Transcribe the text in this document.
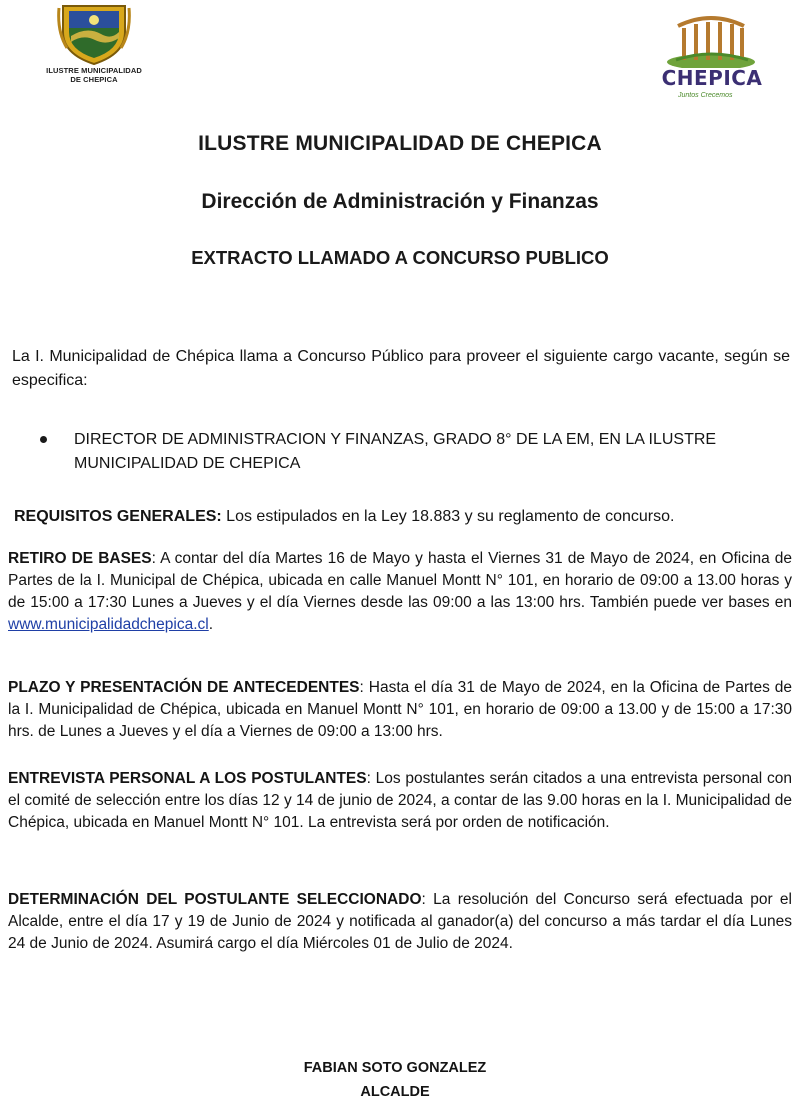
ILUSTRE MUNICIPALIDAD
DE CHEPICA	CHEPICA
Juntos Crecemos
ILUSTRE MUNICIPALIDAD DE CHEPICA
Dirección de Administración y Finanzas
EXTRACTO LLAMADO A CONCURSO PUBLICO
La I. Municipalidad de Chépica llama a Concurso Público para proveer el siguiente cargo vacante, según se especifica:
DIRECTOR DE ADMINISTRACION Y FINANZAS, GRADO 8° DE LA EM, EN LA ILUSTRE MUNICIPALIDAD DE CHEPICA
REQUISITOS GENERALES: Los estipulados en la Ley 18.883 y su reglamento de concurso.
RETIRO DE BASES: A contar del día Martes 16 de Mayo y hasta el Viernes 31 de Mayo de 2024, en Oficina de Partes de la I. Municipal de Chépica, ubicada en calle Manuel Montt N° 101, en horario de 09:00 a 13.00 horas y de 15:00 a 17:30 Lunes a Jueves y el día Viernes desde las 09:00 a las 13:00 hrs. También puede ver bases en www.municipalidadchepica.cl.
PLAZO Y PRESENTACIÓN DE ANTECEDENTES: Hasta el día 31 de Mayo de 2024, en la Oficina de Partes de la I. Municipalidad de Chépica, ubicada en Manuel Montt N° 101, en horario de 09:00 a 13.00 y de 15:00 a 17:30 hrs. de Lunes a Jueves y el día a Viernes de 09:00 a 13:00 hrs.
ENTREVISTA PERSONAL A LOS POSTULANTES: Los postulantes serán citados a una entrevista personal con el comité de selección entre los días 12 y 14 de junio de 2024, a contar de las 9.00 horas en la I. Municipalidad de Chépica, ubicada en Manuel Montt N° 101. La entrevista será por orden de notificación.
DETERMINACIÓN DEL POSTULANTE SELECCIONADO: La resolución del Concurso será efectuada por el Alcalde, entre el día 17 y 19 de Junio de 2024 y notificada al ganador(a) del concurso a más tardar el día Lunes 24 de Junio de 2024. Asumirá cargo el día Miércoles 01 de Julio de 2024.
FABIAN SOTO GONZALEZ
ALCALDE
